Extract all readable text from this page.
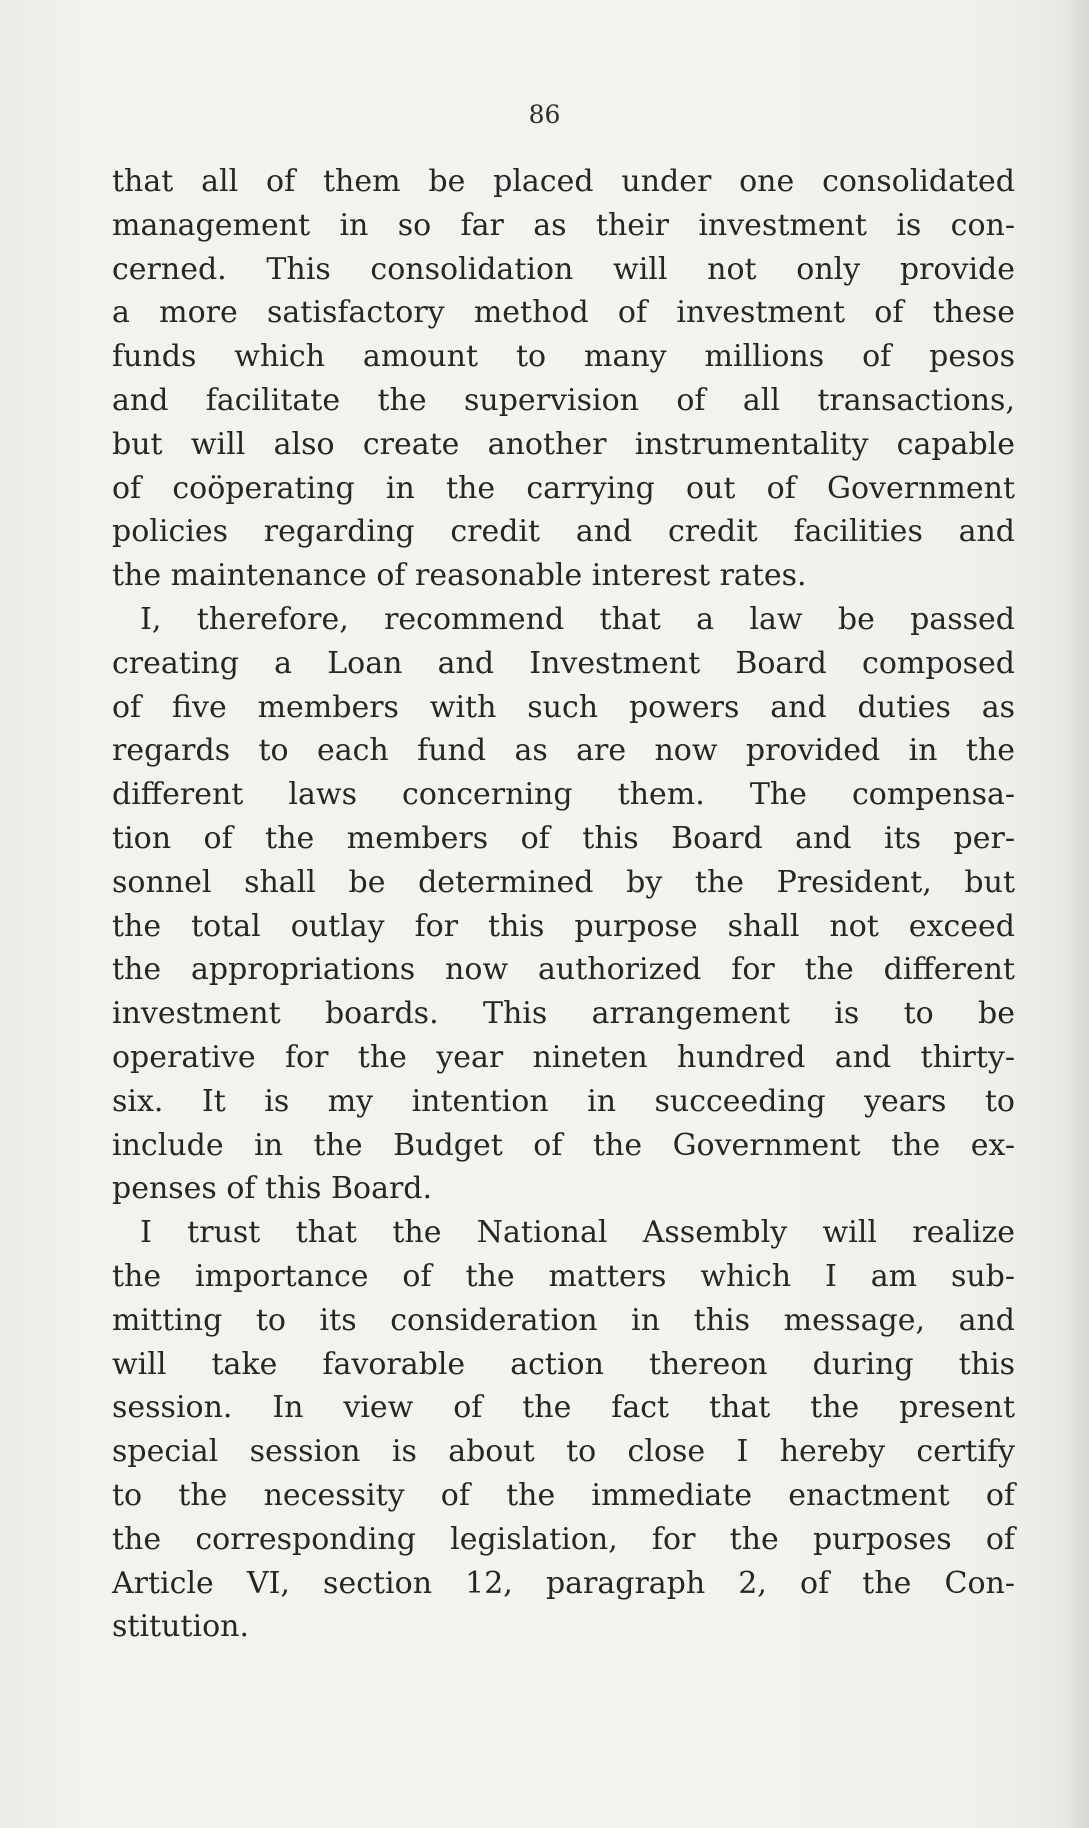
86
that all of them be placed under one consolidated
management in so far as their investment is con-
cerned. This consolidation will not only provide
a more satisfactory method of investment of these
funds which amount to many millions of pesos
and facilitate the supervision of all transactions,
but will also create another instrumentality capable
of coöperating in the carrying out of Government
policies regarding credit and credit facilities and
the maintenance of reasonable interest rates.
I, therefore, recommend that a law be passed
creating a Loan and Investment Board composed
of five members with such powers and duties as
regards to each fund as are now provided in the
different laws concerning them. The compensa-
tion of the members of this Board and its per-
sonnel shall be determined by the President, but
the total outlay for this purpose shall not exceed
the appropriations now authorized for the different
investment boards. This arrangement is to be
operative for the year nineten hundred and thirty-
six. It is my intention in succeeding years to
include in the Budget of the Government the ex-
penses of this Board.
I trust that the National Assembly will realize
the importance of the matters which I am sub-
mitting to its consideration in this message, and
will take favorable action thereon during this
session. In view of the fact that the present
special session is about to close I hereby certify
to the necessity of the immediate enactment of
the corresponding legislation, for the purposes of
Article VI, section 12, paragraph 2, of the Con-
stitution.
